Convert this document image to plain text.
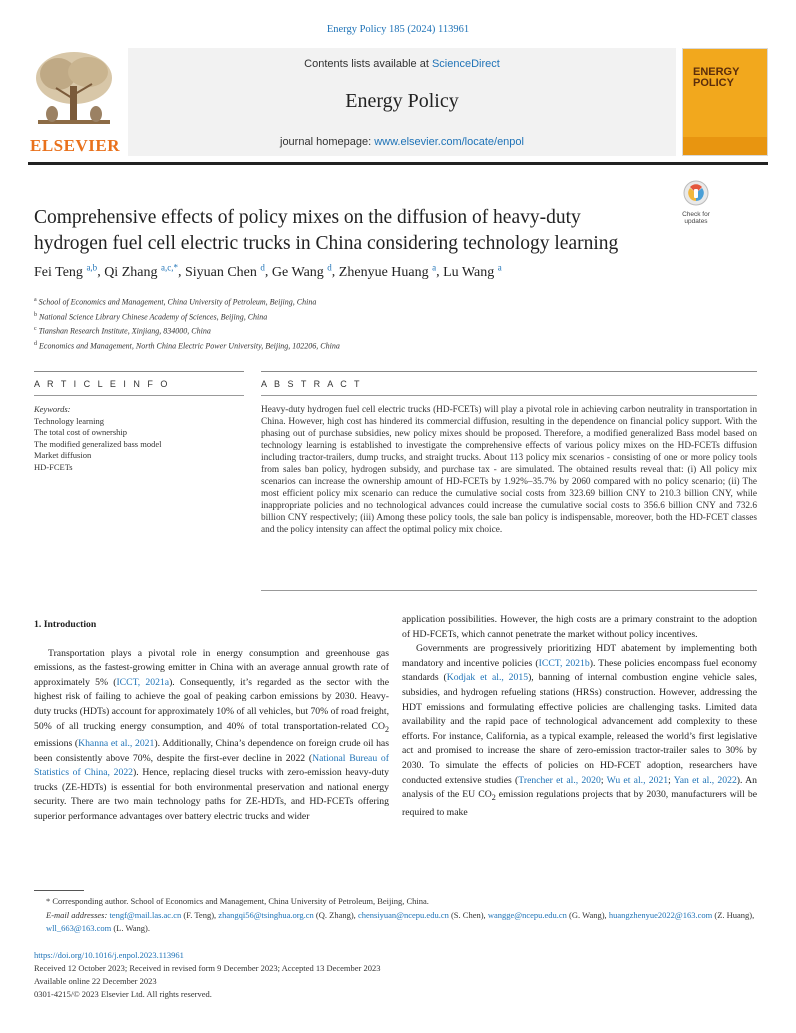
Energy Policy 185 (2024) 113961
ELSEVIER
Contents lists available at ScienceDirect
Energy Policy
journal homepage: www.elsevier.com/locate/enpol
ENERGY
POLICY
Check for
updates
Comprehensive effects of policy mixes on the diffusion of heavy-duty
hydrogen fuel cell electric trucks in China considering technology learning
Fei Teng $^{a,b}$, Qi Zhang $^{a,c,*}$, Siyuan Chen $^d$, Ge Wang $^d$, Zhenyue Huang $^a$, Lu Wang $^a$
$^a$ School of Economics and Management, China University of Petroleum, Beijing, China
$^b$ National Science Library Chinese Academy of Sciences, Beijing, China
$^c$ Tianshan Research Institute, Xinjiang, 834000, China
$^d$ Economics and Management, North China Electric Power University, Beijing, 102206, China
A R T I C L E I N F O	A B S T R A C T
Keywords:
Technology learning
The total cost of ownership
The modified generalized bass model
Market diffusion
HD-FCETs
Heavy-duty hydrogen fuel cell electric trucks (HD-FCETs) will play a pivotal role in achieving carbon neutrality in transportation in China. However, high cost has hindered its commercial diffusion, resulting in the dependence on financial policy support. With the phasing out of purchase subsidies, new policy mixes should be proposed. Therefore, a modified generalized Bass model based on technology learning is established to investigate the comprehensive effects of various policy mixes on the HD-FCETs diffusion including tractor-trailers, dump trucks, and straight trucks. About 113 policy mix scenarios - consisting of one or more policy tools from sales ban policy, hydrogen subsidy, and purchase tax - are simulated. The obtained results reveal that: (i) All policy mix scenarios can increase the ownership amount of HD-FCETs by 1.92%–35.7% by 2060 compared with no policy scenario; (ii) The most efficient policy mix scenario can reduce the cumulative social costs from 323.69 billion CNY to 210.3 billion CNY, while inappropriate policies and no technological advances could increase the cumulative social costs to 356.6 billion CNY and 732.6 billion CNY respectively; (iii) Among these policy tools, the sale ban policy is indispensable, moreover, both the HD-FCET classes and the policy intensity can affect the optimal policy mix choice.
1. Introduction

Transportation plays a pivotal role in energy consumption and greenhouse gas emissions, as the fastest-growing emitter in China with an average annual growth rate of approximately 5% (ICCT, 2021a). Consequently, it’s regarded as the sector with the highest risk of failing to achieve the goal of peaking carbon emissions by 2030. Heavy-duty trucks (HDTs) account for approximately 10% of all vehicles, but 70% of road freight, 50% of all trucking energy consumption, and 40% of total transportation-related $CO_2$ emissions (Khanna et al., 2021). Additionally, China’s dependence on foreign crude oil has been consistently above 70%, despite the first-ever decline in 2022 (National Bureau of Statistics of China, 2022). Hence, replacing diesel trucks with zero-emission heavy-duty trucks (ZE-HDTs) is essential for both environmental preservation and national energy security. There are two main technology paths for ZE-HDTs, and HD-FCETs offering superior performance advantages over battery electric trucks and wider

application possibilities. However, the high costs are a primary constraint to the adoption of HD-FCETs, which cannot penetrate the market without policy incentives.

Governments are progressively prioritizing HDT abatement by implementing both mandatory and incentive policies (ICCT, 2021b). These policies encompass fuel economy standards (Kodjak et al., 2015), banning of internal combustion engine vehicle sales, subsidies, and hydrogen refueling stations (HRSs) construction. However, addressing the HDT emissions and formulating effective policies are challenging tasks. Limited data availability and the rapid pace of technological advancement add complexity to these efforts. For instance, California, as a typical example, released the world’s first legislative act and promised to increase the share of zero-emission tractor-trailer sales to 30% by 2030. To simulate the effects of policies on HD-FCET adoption, researchers have conducted extensive studies (Trencher et al., 2020; Wu et al., 2021; Yan et al., 2022). An analysis of the EU $CO_2$ emission regulations projects that by 2030, manufacturers will be required to make

* Corresponding author. School of Economics and Management, China University of Petroleum, Beijing, China.
E-mail addresses: tengf@mail.las.ac.cn (F. Teng), zhangqi56@tsinghua.org.cn (Q. Zhang), chensiyuan@ncepu.edu.cn (S. Chen), wangge@ncepu.edu.cn (G. Wang), huangzhenyue2022@163.com (Z. Huang), wll_663@163.com (L. Wang).
https://doi.org/10.1016/j.enpol.2023.113961
Received 12 October 2023; Received in revised form 9 December 2023; Accepted 13 December 2023
Available online 22 December 2023
0301-4215/© 2023 Elsevier Ltd. All rights reserved.
